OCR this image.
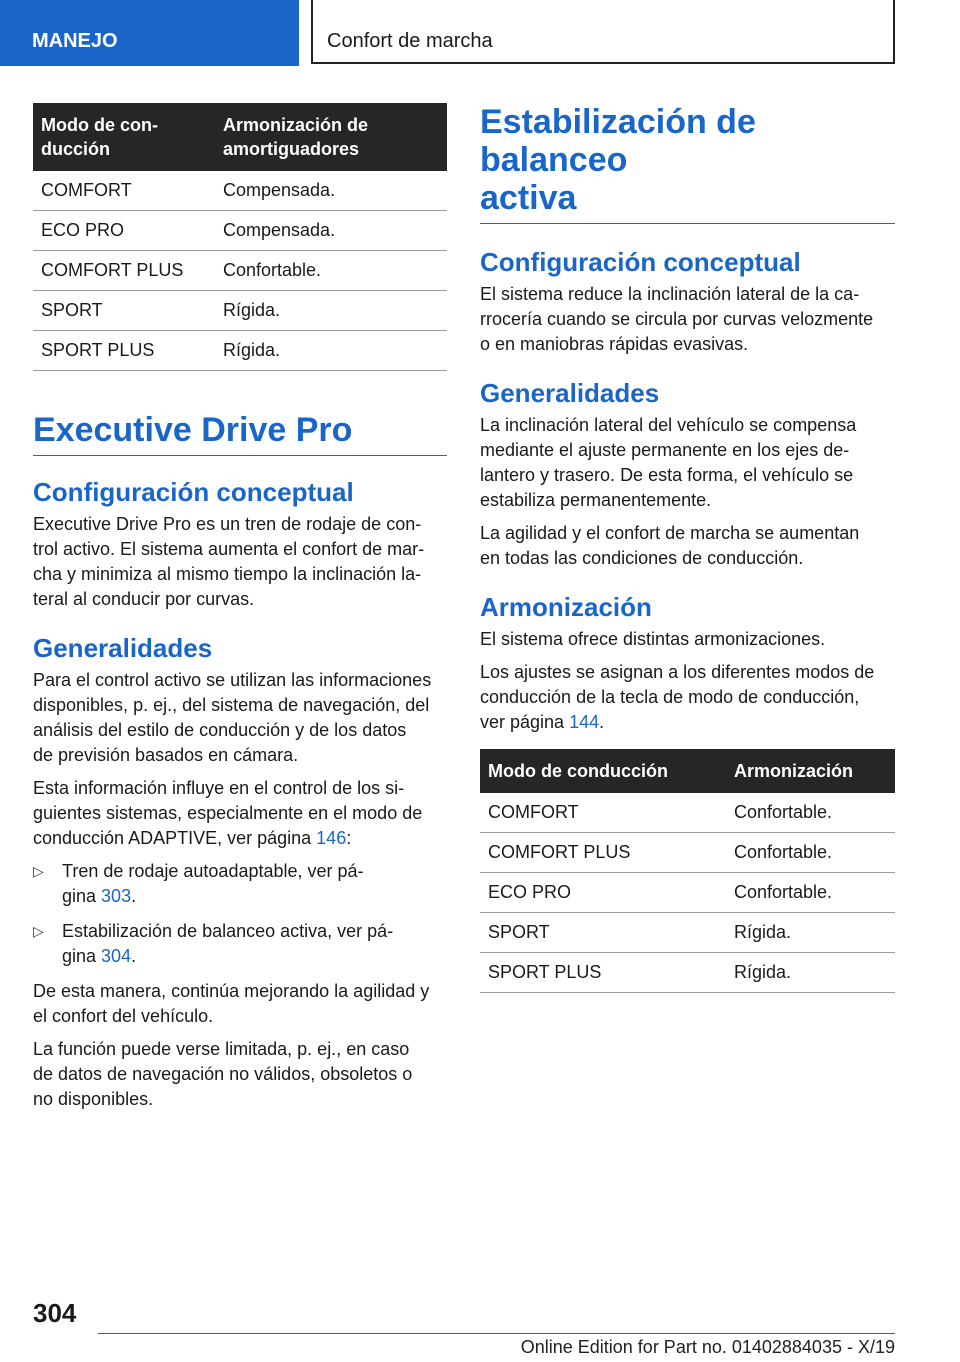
MANEJO	Confort de marcha
Modo de con-
ducción	Armonización de
amortiguadores
COMFORT	Compensada.
ECO PRO	Compensada.
COMFORT PLUS	Confortable.
SPORT	Rígida.
SPORT PLUS	Rígida.
Executive Drive Pro
Configuración conceptual

Executive Drive Pro es un tren de rodaje de con-
trol activo. El sistema aumenta el confort de mar-
cha y minimiza al mismo tiempo la inclinación la-
teral al conducir por curvas.

Generalidades

Para el control activo se utilizan las informaciones
disponibles, p. ej., del sistema de navegación, del
análisis del estilo de conducción y de los datos
de previsión basados en cámara.

Esta información influye en el control de los si-
guientes sistemas, especialmente en el modo de
conducción ADAPTIVE, ver página 146:

▷ Tren de rodaje autoadaptable, ver pá-
gina 303.
▷ Estabilización de balanceo activa, ver pá-
gina 304.

De esta manera, continúa mejorando la agilidad y
el confort del vehículo.

La función puede verse limitada, p. ej., en caso
de datos de navegación no válidos, obsoletos o
no disponibles.

Estabilización de balanceo
activa
Configuración conceptual

El sistema reduce la inclinación lateral de la ca-
rrocería cuando se circula por curvas velozmente
o en maniobras rápidas evasivas.

Generalidades

La inclinación lateral del vehículo se compensa
mediante el ajuste permanente en los ejes de-
lantero y trasero. De esta forma, el vehículo se
estabiliza permanentemente.

La agilidad y el confort de marcha se aumentan
en todas las condiciones de conducción.

Armonización

El sistema ofrece distintas armonizaciones.

Los ajustes se asignan a los diferentes modos de
conducción de la tecla de modo de conducción,
ver página 144.

Modo de conducción	Armonización
COMFORT	Confortable.
COMFORT PLUS	Confortable.
ECO PRO	Confortable.
SPORT	Rígida.
SPORT PLUS	Rígida.
304
Online Edition for Part no. 01402884035 - X/19
